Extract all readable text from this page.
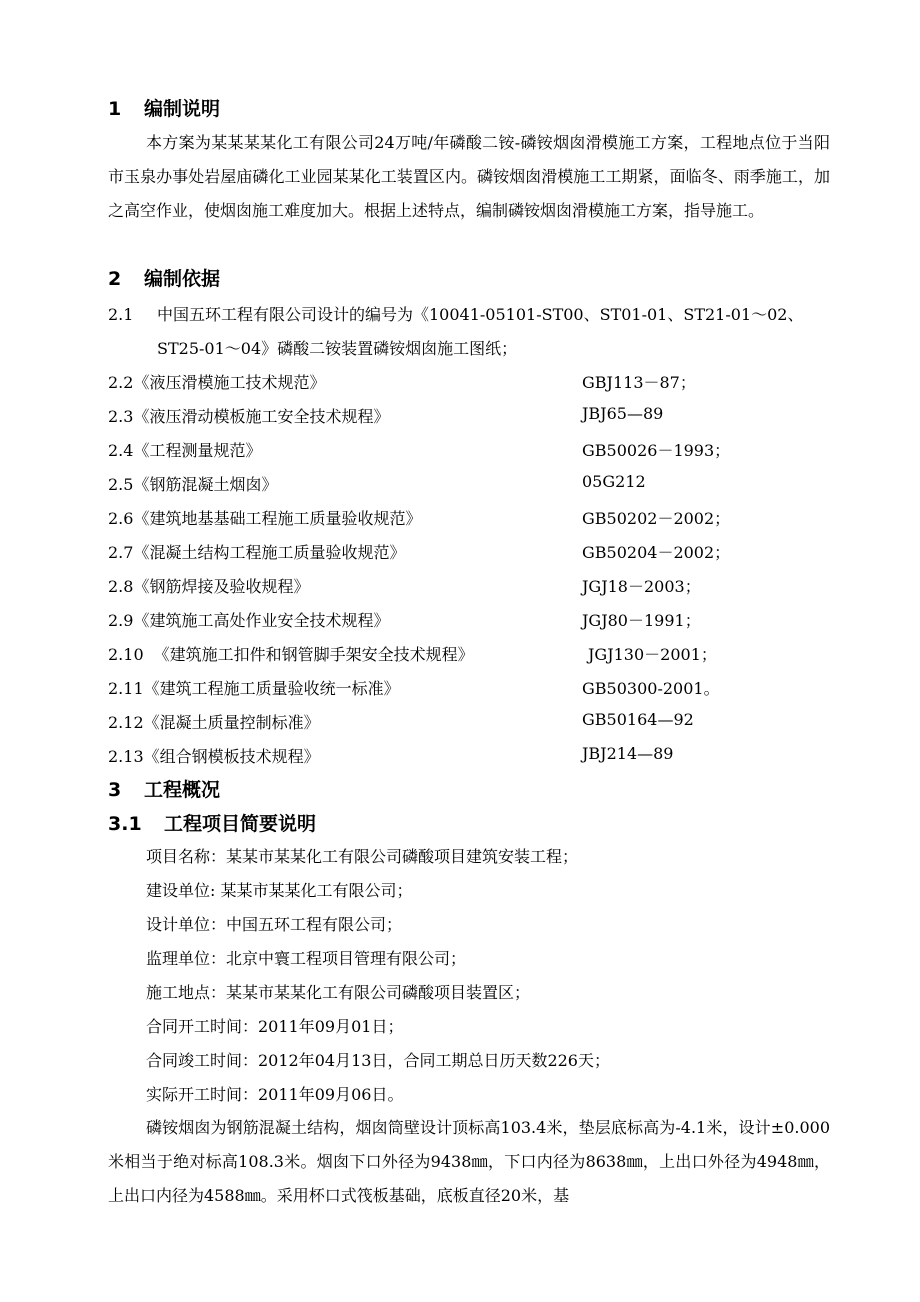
1 编制说明
本方案为某某某某化工有限公司24万吨/年磷酸二铵-磷铵烟囱滑模施工方案，工程地点位于当阳市玉泉办事处岩屋庙磷化工业园某某化工装置区内。磷铵烟囱滑模施工工期紧，面临冬、雨季施工，加之高空作业，使烟囱施工难度加大。根据上述特点，编制磷铵烟囱滑模施工方案，指导施工。
2 编制依据
2.1 中国五环工程有限公司设计的编号为《10041-05101-ST00、ST01-01、ST21-01～02、
ST25-01～04》磷酸二铵装置磷铵烟囱施工图纸；
2.2《液压滑模施工技术规范》	GBJ113－87；
2.3《液压滑动模板施工安全技术规程》	JBJ65—89
2.4《工程测量规范》	GB50026－1993；
2.5《钢筋混凝土烟囱》	05G212
2.6《建筑地基基础工程施工质量验收规范》	GB50202－2002；
2.7《混凝土结构工程施工质量验收规范》	GB50204－2002；
2.8《钢筋焊接及验收规程》	JGJ18－2003；
2.9《建筑施工高处作业安全技术规程》	JGJ80－1991；
2.10 《建筑施工扣件和钢管脚手架安全技术规程》	JGJ130－2001；
2.11《建筑工程施工质量验收统一标准》	GB50300-2001。
2.12《混凝土质量控制标准》	GB50164—92
2.13《组合钢模板技术规程》	JBJ214—89
3 工程概况
3.1 工程项目简要说明
项目名称：某某市某某化工有限公司磷酸项目建筑安装工程；
建设单位: 某某市某某化工有限公司；
设计单位：中国五环工程有限公司；
监理单位：北京中寰工程项目管理有限公司；
施工地点：某某市某某化工有限公司磷酸项目装置区；
合同开工时间：2011年09月01日；
合同竣工时间：2012年04月13日，合同工期总日历天数226天；
实际开工时间：2011年09月06日。
磷铵烟囱为钢筋混凝土结构，烟囱筒壁设计顶标高103.4米，垫层底标高为-4.1米，设计±0.000米相当于绝对标高108.3米。烟囱下口外径为9438㎜，下口内径为8638㎜，上出口外径为4948㎜，上出口内径为4588㎜。采用杯口式筏板基础，底板直径20米，基
